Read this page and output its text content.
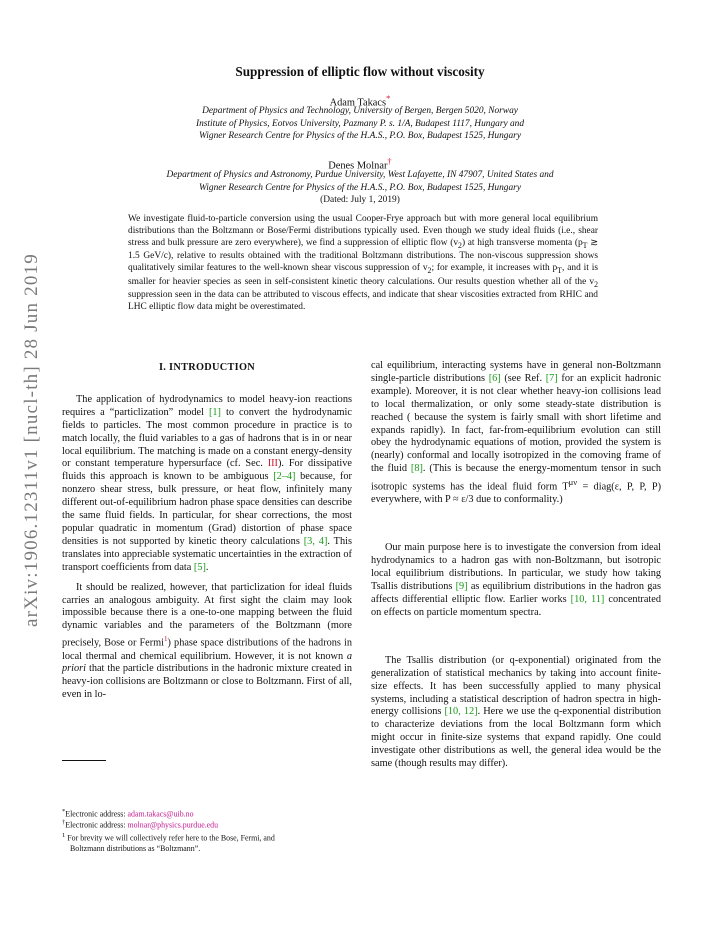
arXiv:1906.12311v1 [nucl-th] 28 Jun 2019
Suppression of elliptic flow without viscosity
Adam Takacs*
Department of Physics and Technology, University of Bergen, Bergen 5020, Norway
Institute of Physics, Eotvos University, Pazmany P. s. 1/A, Budapest 1117, Hungary and
Wigner Research Centre for Physics of the H.A.S., P.O. Box, Budapest 1525, Hungary
Denes Molnar†
Department of Physics and Astronomy, Purdue University, West Lafayette, IN 47907, United States and
Wigner Research Centre for Physics of the H.A.S., P.O. Box, Budapest 1525, Hungary
(Dated: July 1, 2019)
We investigate fluid-to-particle conversion using the usual Cooper-Frye approach but with more general local equilibrium distributions than the Boltzmann or Bose/Fermi distributions typically used. Even though we study ideal fluids (i.e., shear stress and bulk pressure are zero everywhere), we find a suppression of elliptic flow $(v_2)$ at high transverse momenta ($p_T$ ≳ 1.5 GeV/c), relative to results obtained with the traditional Boltzmann distributions. The non-viscous suppression shows qualitatively similar features to the well-known shear viscous suppression of $v_2$; for example, it increases with $p_T$, and it is smaller for heavier species as seen in self-consistent kinetic theory calculations. Our results question whether all of the $v_2$ suppression seen in the data can be attributed to viscous effects, and indicate that shear viscosities extracted from RHIC and LHC elliptic flow data might be overestimated.

I. INTRODUCTION

The application of hydrodynamics to model heavy-ion reactions requires a “particlization” model [1] to convert the hydrodynamic fields to particles. The most common procedure in practice is to match locally, the fluid variables to a gas of hadrons that is in or near local equilibrium. The matching is made on a constant energy-density or constant temperature hypersurface (cf. Sec. III). For dissipative fluids this approach is known to be ambiguous [2–4] because, for nonzero shear stress, bulk pressure, or heat flow, infinitely many different out-of-equilibrium hadron phase space densities can describe the same fluid fields. In particular, for shear corrections, the most popular quadratic in momentum (Grad) distortion of phase space densities is not supported by kinetic theory calculations [3, 4]. This translates into appreciable systematic uncertainties in the extraction of transport coefficients from data [5].

It should be realized, however, that particlization for ideal fluids carries an analogous ambiguity. At first sight the claim may look impossible because there is a one-to-one mapping between the fluid dynamic variables and the parameters of the Boltzmann (more precisely, Bose or Fermi$^1$) phase space distributions of the hadrons in local thermal and chemical equilibrium. However, it is not known a priori that the particle distributions in the hadronic mixture created in heavy-ion collisions are Boltzmann or close to Boltzmann. First of all, even in lo-

cal equilibrium, interacting systems have in general non-Boltzmann single-particle distributions [6] (see Ref. [7] for an explicit hadronic example). Moreover, it is not clear whether heavy-ion collisions lead to local thermalization, or only some steady-state distribution is reached ( because the system is fairly small with short lifetime and expands rapidly). In fact, far-from-equilibrium evolution can still obey the hydrodynamic equations of motion, provided the system is (nearly) conformal and locally isotropized in the comoving frame of the fluid [8]. (This is because the energy-momentum tensor in such isotropic systems has the ideal fluid form $T^{\mu\nu}$ = diag(ε, P, P, P) everywhere, with P ≈ ε/3 due to conformality.)

Our main purpose here is to investigate the conversion from ideal hydrodynamics to a hadron gas with non-Boltzmann, but isotropic local equilibrium distributions. In particular, we study how taking Tsallis distributions [9] as equilibrium distributions in the hadron gas affects differential elliptic flow. Earlier works [10, 11] concentrated on effects on particle momentum spectra.

The Tsallis distribution (or q-exponential) originated from the generalization of statistical mechanics by taking into account finite-size effects. It has been successfully applied to many physical systems, including a statistical description of hadron spectra in high-energy collisions [10, 12]. Here we use the q-exponential distribution to characterize deviations from the local Boltzmann form which might occur in finite-size systems that expand rapidly. One could investigate other distributions as well, the general idea would be the same (though results may differ).

*Electronic address: adam.takacs@uib.no
†Electronic address: molnar@physics.purdue.edu
$^1$ For brevity we will collectively refer here to the Bose, Fermi, and
Boltzmann distributions as “Boltzmann”.
